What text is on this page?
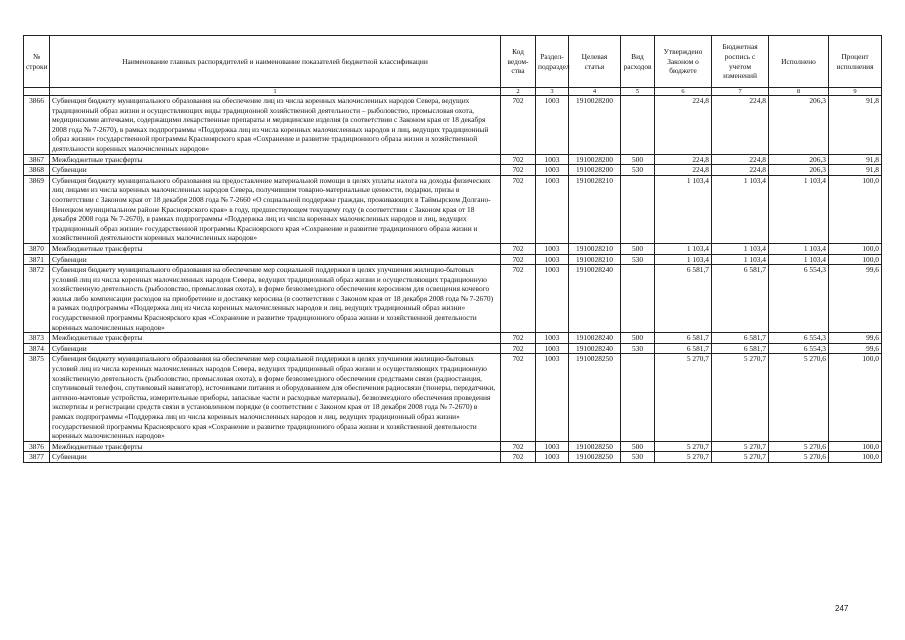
№ строки	Наименование главных распорядителей и наименование показателей бюджетной классификации	Код ведом-ства	Раздел-подраздел	Целевая статья	Вид расходов	Утверждено Законом о бюджете	Бюджетная роспись с учетом изменений	Исполнено	Процент исполнения
	1	2	3	4	5	6	7	8	9
3866	Субвенция бюджету муниципального образования на обеспечение лиц из числа коренных малочисленных народов Севера, ведущих традиционный образ жизни и осуществляющих виды традиционной хозяйственной деятельности – рыболовство, промысловая охота, медицинскими аптечками, содержащими лекарственные препараты и медицинские изделия (в соответствии с Законом края от 18 декабря 2008 года № 7-2670), в рамках подпрограммы «Поддержка лиц из числа коренных малочисленных народов и лиц, ведущих традиционный образ жизни» государственной программы Красноярского края «Сохранение и развитие традиционного образа жизни и хозяйственной деятельности коренных малочисленных народов»	702	1003	1910028200		224,8	224,8	206,3	91,8
3867	Межбюджетные трансферты	702	1003	1910028200	500	224,8	224,8	206,3	91,8
3868	Субвенции	702	1003	1910028200	530	224,8	224,8	206,3	91,8
3869	Субвенция бюджету муниципального образования на предоставление материальной помощи в целях уплаты налога на доходы физических лиц лицами из числа коренных малочисленных народов Севера, получившим товарно-материальные ценности, подарки, призы в соответствии с Законом края от 18 декабря 2008 года № 7-2660 «О социальной поддержке граждан, проживающих в Таймырском Долгано-Ненецком муниципальном районе Красноярского края» в году, предшествующем текущему году (в соответствии с Законом края от 18 декабря 2008 года № 7-2670), в рамках подпрограммы «Поддержка лиц из числа коренных малочисленных народов и лиц, ведущих традиционный образ жизни» государственной программы Красноярского края «Сохранение и развитие традиционного образа жизни и хозяйственной деятельности коренных малочисленных народов»	702	1003	1910028210		1 103,4	1 103,4	1 103,4	100,0
3870	Межбюджетные трансферты	702	1003	1910028210	500	1 103,4	1 103,4	1 103,4	100,0
3871	Субвенции	702	1003	1910028210	530	1 103,4	1 103,4	1 103,4	100,0
3872	Субвенция бюджету муниципального образования на обеспечение мер социальной поддержки в целях улучшения жилищно-бытовых условий лиц из числа коренных малочисленных народов Севера, ведущих традиционный образ жизни и осуществляющих традиционную хозяйственную деятельность (рыболовство, промысловая охота), в форме безвозмездного обеспечения керосином для освещения кочевого жилья либо компенсации расходов на приобретение и доставку керосина (в соответствии с Законом края от 18 декабря 2008 года № 7-2670) в рамках подпрограммы «Поддержка лиц из числа коренных малочисленных народов и лиц, ведущих традиционный образ жизни» государственной программы Красноярского края «Сохранение и развитие традиционного образа жизни и хозяйственной деятельности коренных малочисленных народов»	702	1003	1910028240		6 581,7	6 581,7	6 554,3	99,6
3873	Межбюджетные трансферты	702	1003	1910028240	500	6 581,7	6 581,7	6 554,3	99,6
3874	Субвенции	702	1003	1910028240	530	6 581,7	6 581,7	6 554,3	99,6
3875	Субвенция бюджету муниципального образования на обеспечение мер социальной поддержки в целях улучшения жилищно-бытовых условий лиц из числа коренных малочисленных народов Севера, ведущих традиционный образ жизни и осуществляющих традиционную хозяйственную деятельность (рыболовство, промысловая охота), в форме безвозмездного обеспечения средствами связи (радиостанция, спутниковый телефон, спутниковый навигатор), источниками питания и оборудованием для обеспечения радиосвязи (тюнеры, передатчики, антенно-мачтовые устройства, измерительные приборы, запасные части и расходные материалы), безвозмездного обеспечения проведения экспертизы и регистрации средств связи в установленном порядке (в соответствии с Законом края от 18 декабря 2008 года № 7-2670) в рамках подпрограммы «Поддержка лиц из числа коренных малочисленных народов и лиц, ведущих традиционный образ жизни» государственной программы Красноярского края «Сохранение и развитие традиционного образа жизни и хозяйственной деятельности коренных малочисленных народов»	702	1003	1910028250		5 270,7	5 270,7	5 270,6	100,0
3876	Межбюджетные трансферты	702	1003	1910028250	500	5 270,7	5 270,7	5 270,6	100,0
3877	Субвенции	702	1003	1910028250	530	5 270,7	5 270,7	5 270,6	100,0
247
